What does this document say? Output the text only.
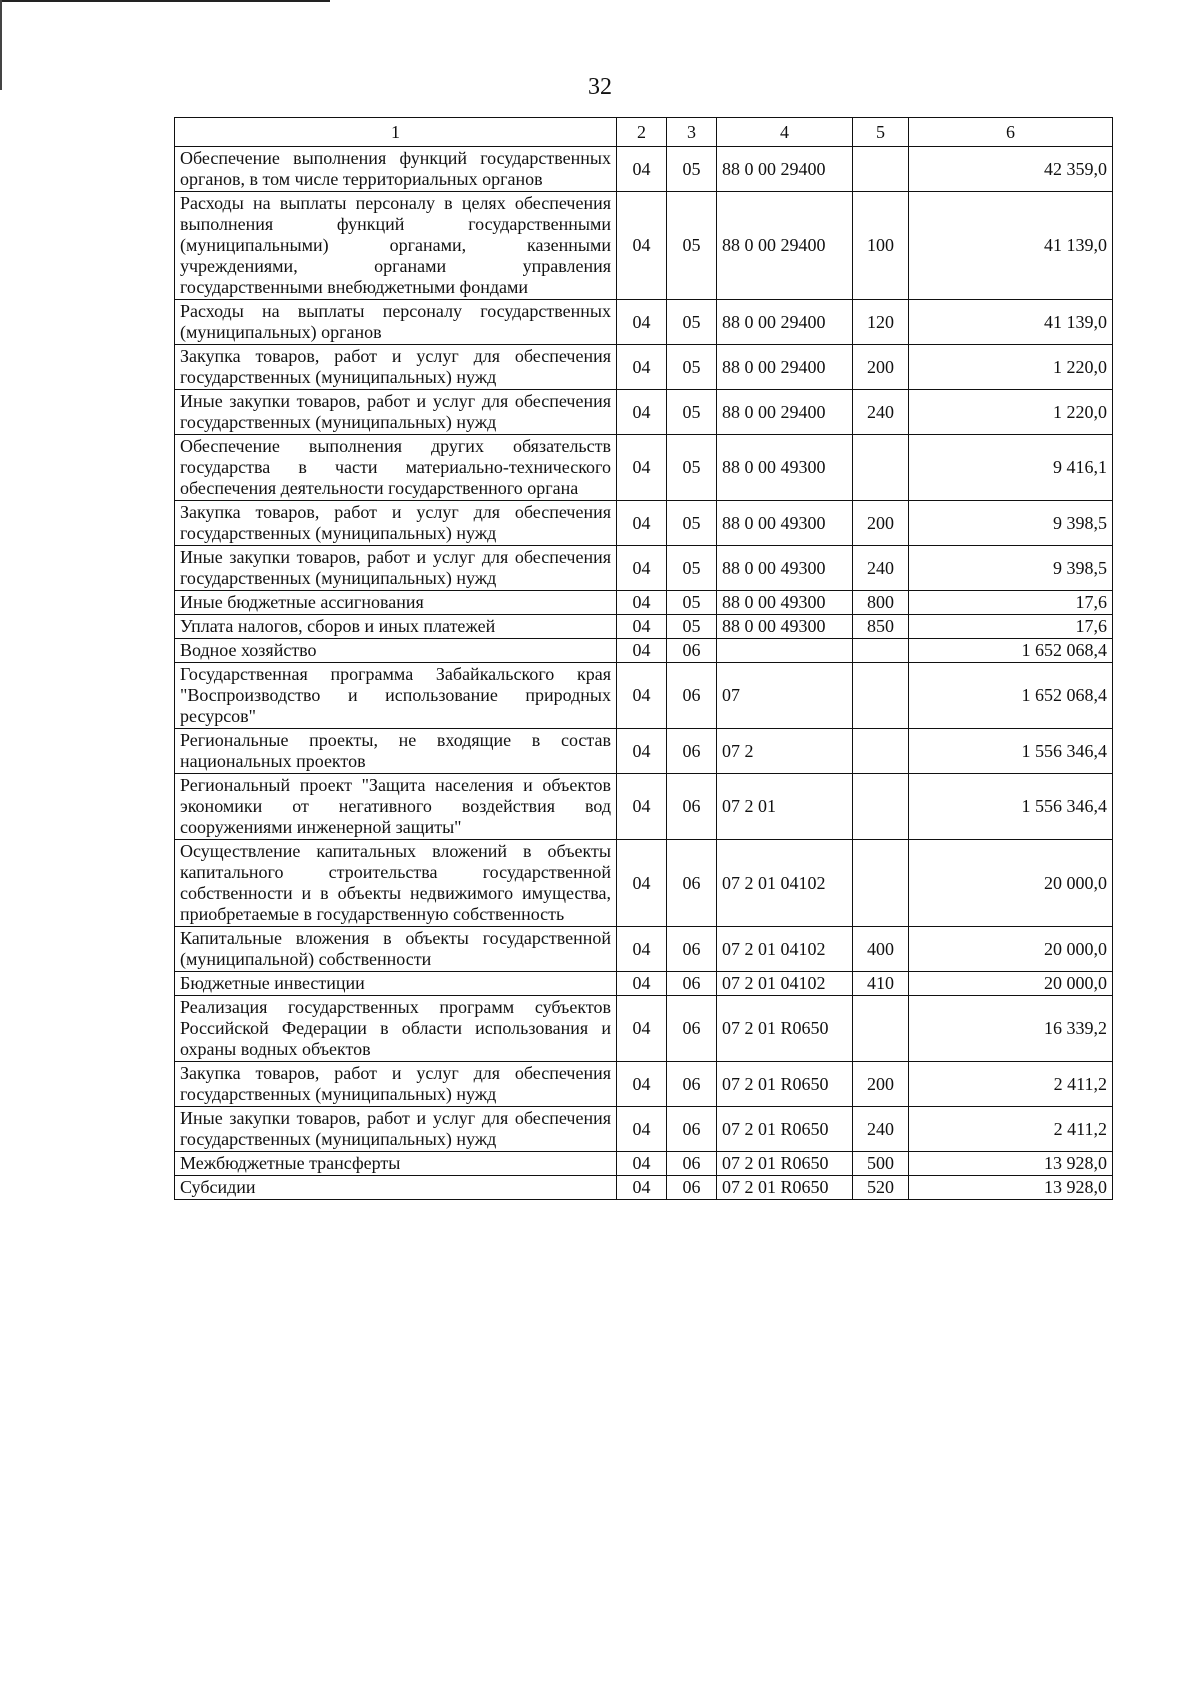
32
1	2	3	4	5	6
Обеспечение выполнения функций государственных органов, в том числе территориальных органов	04	05	88 0 00 29400		42 359,0
Расходы на выплаты персоналу в целях обеспечения выполнения функций государственными (муниципальными) органами, казенными учреждениями, органами управления государственными внебюджетными фондами	04	05	88 0 00 29400	100	41 139,0
Расходы на выплаты персоналу государственных (муниципальных) органов	04	05	88 0 00 29400	120	41 139,0
Закупка товаров, работ и услуг для обеспечения государственных (муниципальных) нужд	04	05	88 0 00 29400	200	1 220,0
Иные закупки товаров, работ и услуг для обеспечения государственных (муниципальных) нужд	04	05	88 0 00 29400	240	1 220,0
Обеспечение выполнения других обязательств государства в части материально-технического обеспечения деятельности государственного органа	04	05	88 0 00 49300		9 416,1
Закупка товаров, работ и услуг для обеспечения государственных (муниципальных) нужд	04	05	88 0 00 49300	200	9 398,5
Иные закупки товаров, работ и услуг для обеспечения государственных (муниципальных) нужд	04	05	88 0 00 49300	240	9 398,5
Иные бюджетные ассигнования	04	05	88 0 00 49300	800	17,6
Уплата налогов, сборов и иных платежей	04	05	88 0 00 49300	850	17,6
Водное хозяйство	04	06			1 652 068,4
Государственная программа Забайкальского края "Воспроизводство и использование природных ресурсов"	04	06	07		1 652 068,4
Региональные проекты, не входящие в состав национальных проектов	04	06	07 2		1 556 346,4
Региональный проект "Защита населения и объектов экономики от негативного воздействия вод сооружениями инженерной защиты"	04	06	07 2 01		1 556 346,4
Осуществление капитальных вложений в объекты капитального строительства государственной собственности и в объекты недвижимого имущества, приобретаемые в государственную собственность	04	06	07 2 01 04102		20 000,0
Капитальные вложения в объекты государственной (муниципальной) собственности	04	06	07 2 01 04102	400	20 000,0
Бюджетные инвестиции	04	06	07 2 01 04102	410	20 000,0
Реализация государственных программ субъектов Российской Федерации в области использования и охраны водных объектов	04	06	07 2 01 R0650		16 339,2
Закупка товаров, работ и услуг для обеспечения государственных (муниципальных) нужд	04	06	07 2 01 R0650	200	2 411,2
Иные закупки товаров, работ и услуг для обеспечения государственных (муниципальных) нужд	04	06	07 2 01 R0650	240	2 411,2
Межбюджетные трансферты	04	06	07 2 01 R0650	500	13 928,0
Субсидии	04	06	07 2 01 R0650	520	13 928,0
